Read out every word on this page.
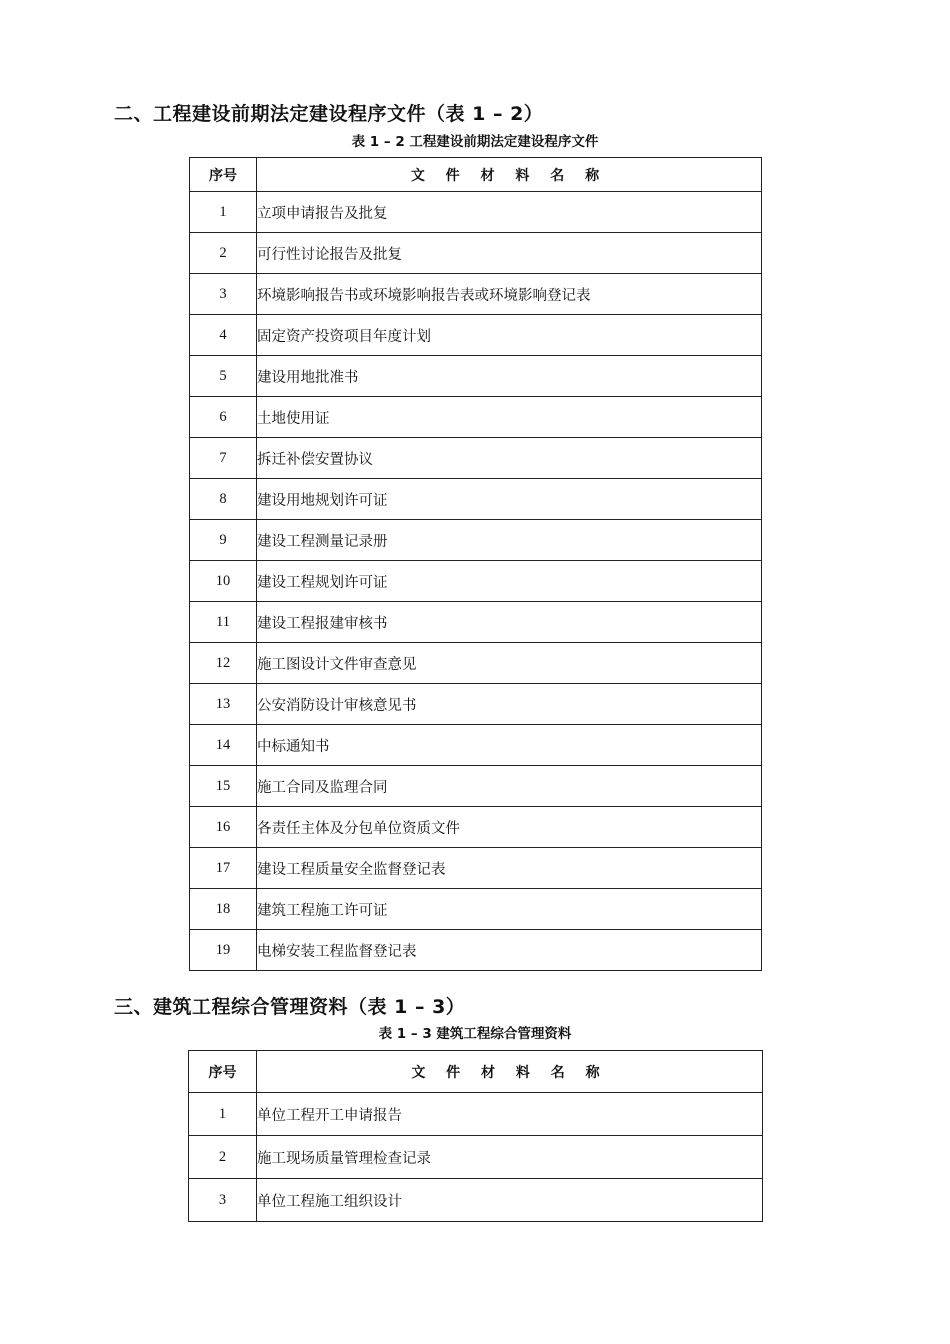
二、工程建设前期法定建设程序文件（表 1 – 2）
表 1 – 2 工程建设前期法定建设程序文件
序号	文 件 材 料 名 称
1	立项申请报告及批复
2	可行性讨论报告及批复
3	环境影响报告书或环境影响报告表或环境影响登记表
4	固定资产投资项目年度计划
5	建设用地批准书
6	土地使用证
7	拆迁补偿安置协议
8	建设用地规划许可证
9	建设工程测量记录册
10	建设工程规划许可证
11	建设工程报建审核书
12	施工图设计文件审查意见
13	公安消防设计审核意见书
14	中标通知书
15	施工合同及监理合同
16	各责任主体及分包单位资质文件
17	建设工程质量安全监督登记表
18	建筑工程施工许可证
19	电梯安装工程监督登记表
三、建筑工程综合管理资料（表 1 – 3）
表 1 – 3 建筑工程综合管理资料
序号	文 件 材 料 名 称
1	单位工程开工申请报告
2	施工现场质量管理检查记录
3	单位工程施工组织设计
